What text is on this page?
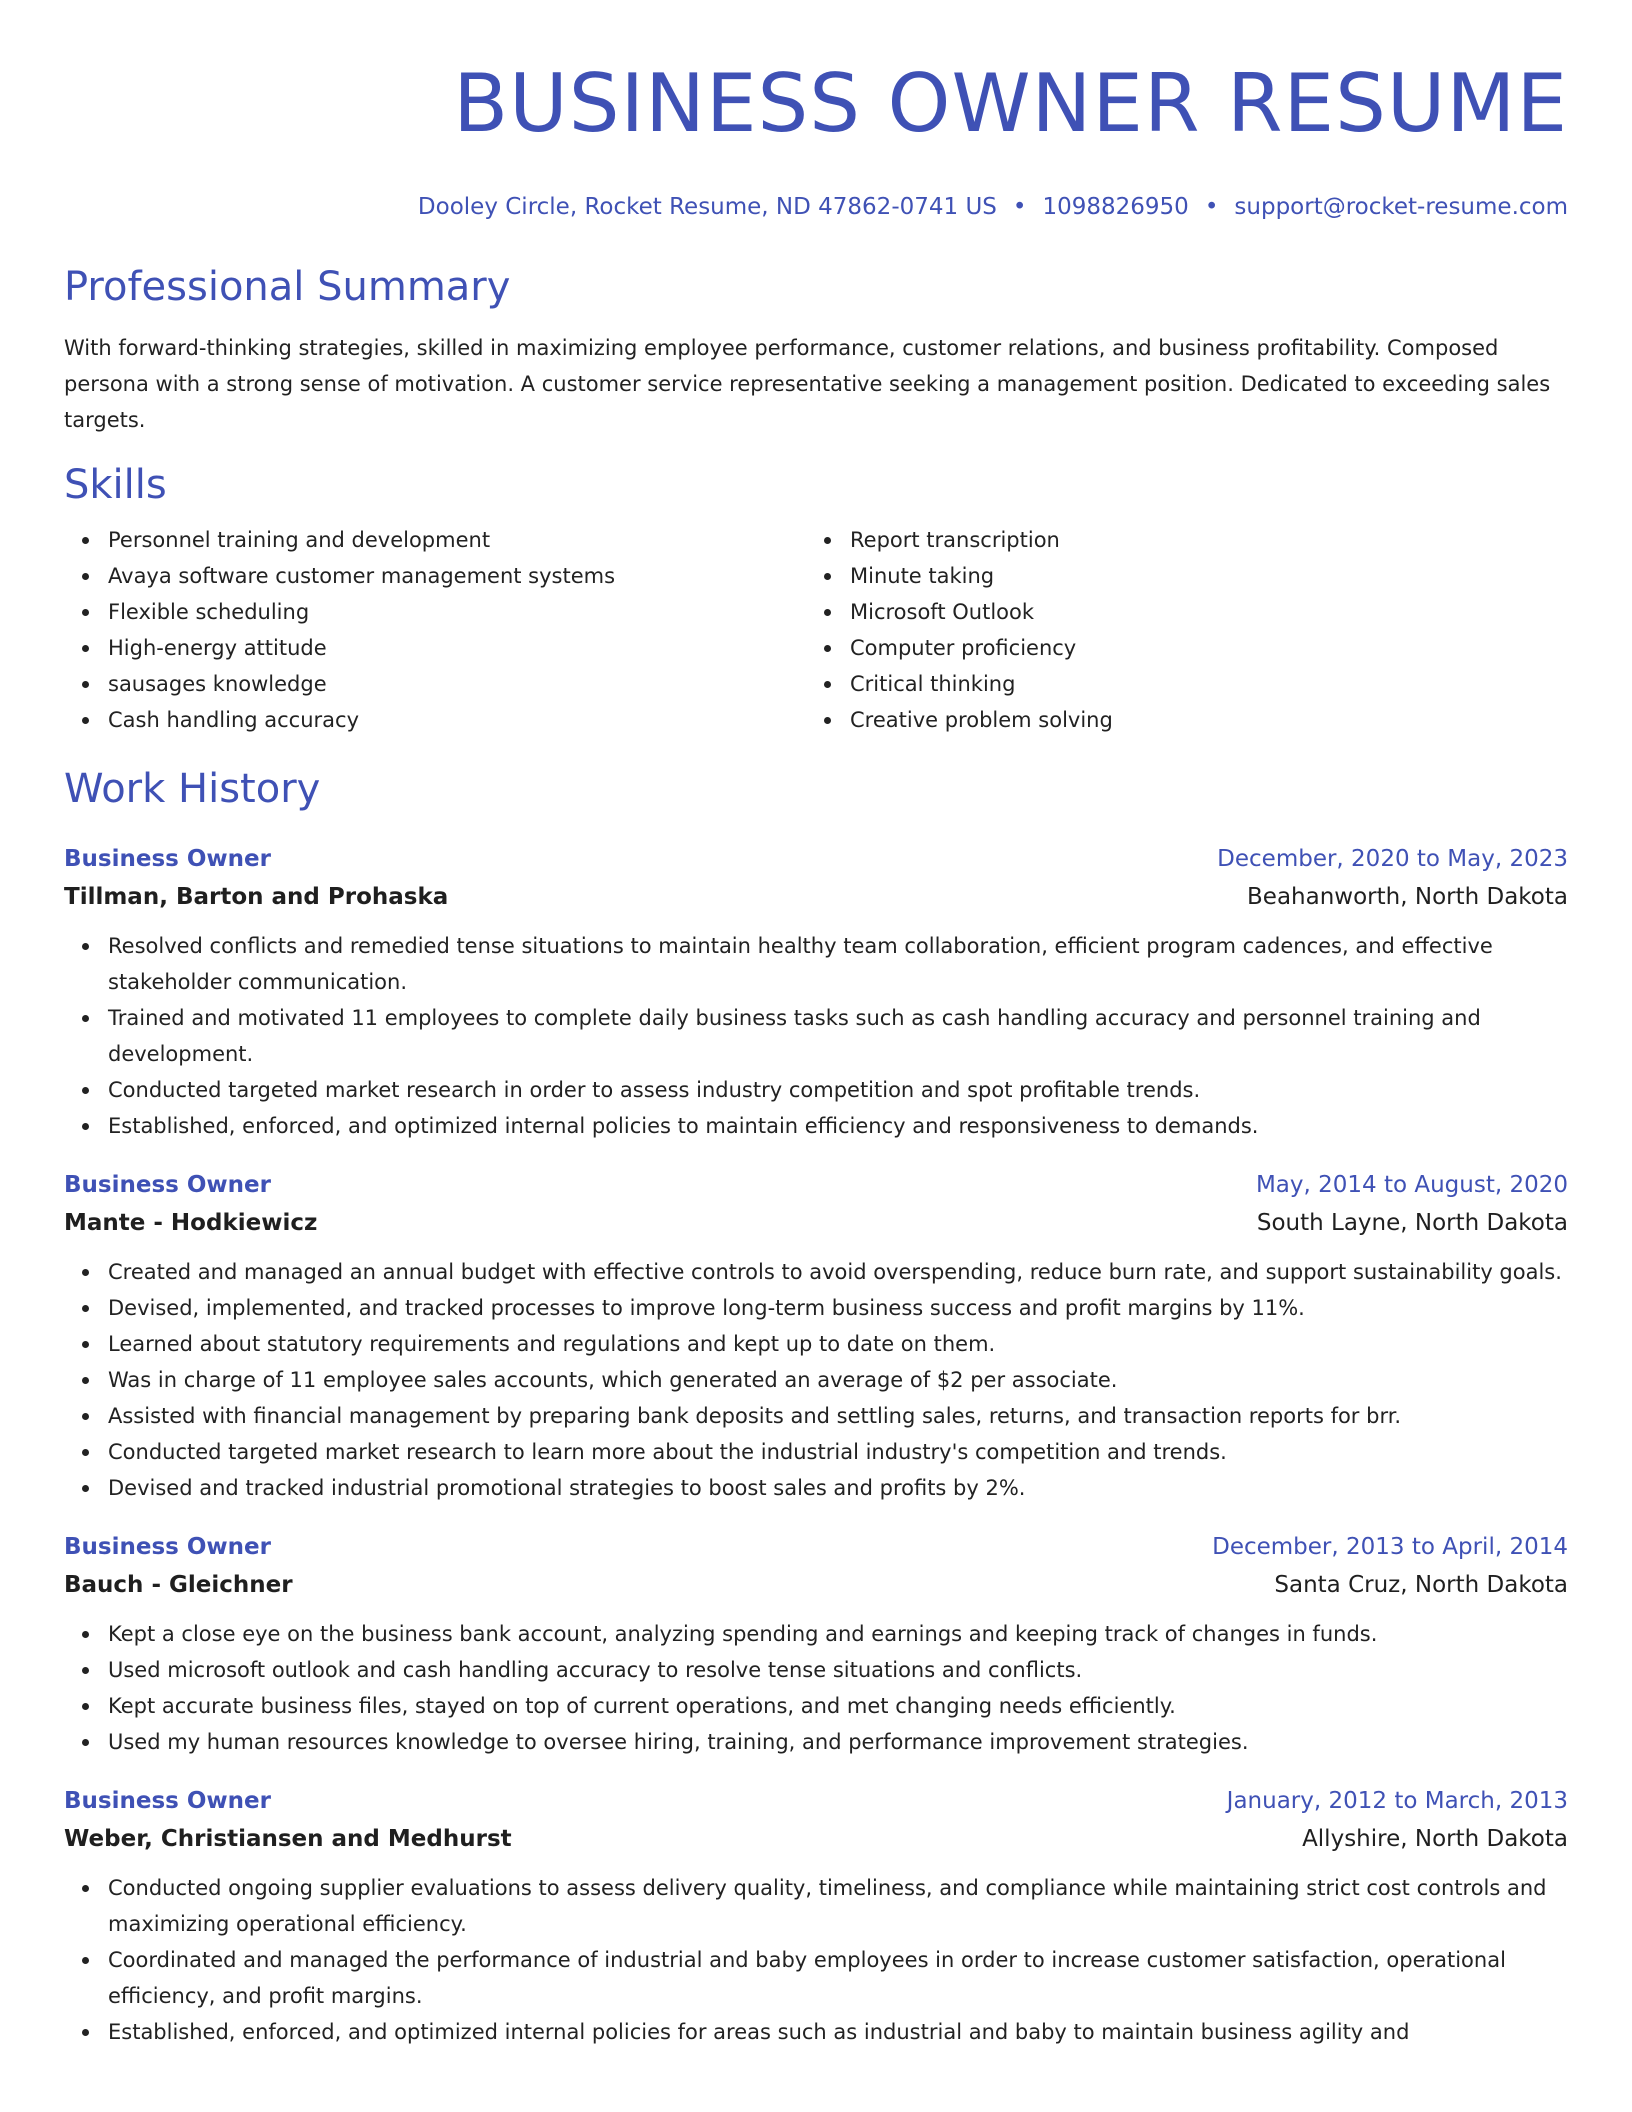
BUSINESS OWNER RESUME
Dooley Circle, Rocket Resume, ND 47862-0741 US • 1098826950 • support@rocket-resume.com
Professional Summary
With forward-thinking strategies, skilled in maximizing employee performance, customer relations, and business profitability. Composed persona with a strong sense of motivation. A customer service representative seeking a management position. Dedicated to exceeding sales targets.
Skills
Personnel training and development
Avaya software customer management systems
Flexible scheduling
High-energy attitude
sausages knowledge
Cash handling accuracy
Report transcription
Minute taking
Microsoft Outlook
Computer proficiency
Critical thinking
Creative problem solving
Work History
Business Owner	December, 2020 to May, 2023
Tillman, Barton and Prohaska	Beahanworth, North Dakota
Resolved conflicts and remedied tense situations to maintain healthy team collaboration, efficient program cadences, and effective stakeholder communication.
Trained and motivated 11 employees to complete daily business tasks such as cash handling accuracy and personnel training and development.
Conducted targeted market research in order to assess industry competition and spot profitable trends.
Established, enforced, and optimized internal policies to maintain efficiency and responsiveness to demands.
Business Owner	May, 2014 to August, 2020
Mante - Hodkiewicz	South Layne, North Dakota
Created and managed an annual budget with effective controls to avoid overspending, reduce burn rate, and support sustainability goals.
Devised, implemented, and tracked processes to improve long-term business success and profit margins by 11%.
Learned about statutory requirements and regulations and kept up to date on them.
Was in charge of 11 employee sales accounts, which generated an average of $2 per associate.
Assisted with financial management by preparing bank deposits and settling sales, returns, and transaction reports for brr.
Conducted targeted market research to learn more about the industrial industry's competition and trends.
Devised and tracked industrial promotional strategies to boost sales and profits by 2%.
Business Owner	December, 2013 to April, 2014
Bauch - Gleichner	Santa Cruz, North Dakota
Kept a close eye on the business bank account, analyzing spending and earnings and keeping track of changes in funds.
Used microsoft outlook and cash handling accuracy to resolve tense situations and conflicts.
Kept accurate business files, stayed on top of current operations, and met changing needs efficiently.
Used my human resources knowledge to oversee hiring, training, and performance improvement strategies.
Business Owner	January, 2012 to March, 2013
Weber, Christiansen and Medhurst	Allyshire, North Dakota
Conducted ongoing supplier evaluations to assess delivery quality, timeliness, and compliance while maintaining strict cost controls and maximizing operational efficiency.
Coordinated and managed the performance of industrial and baby employees in order to increase customer satisfaction, operational efficiency, and profit margins.
Established, enforced, and optimized internal policies for areas such as industrial and baby to maintain business agility and
